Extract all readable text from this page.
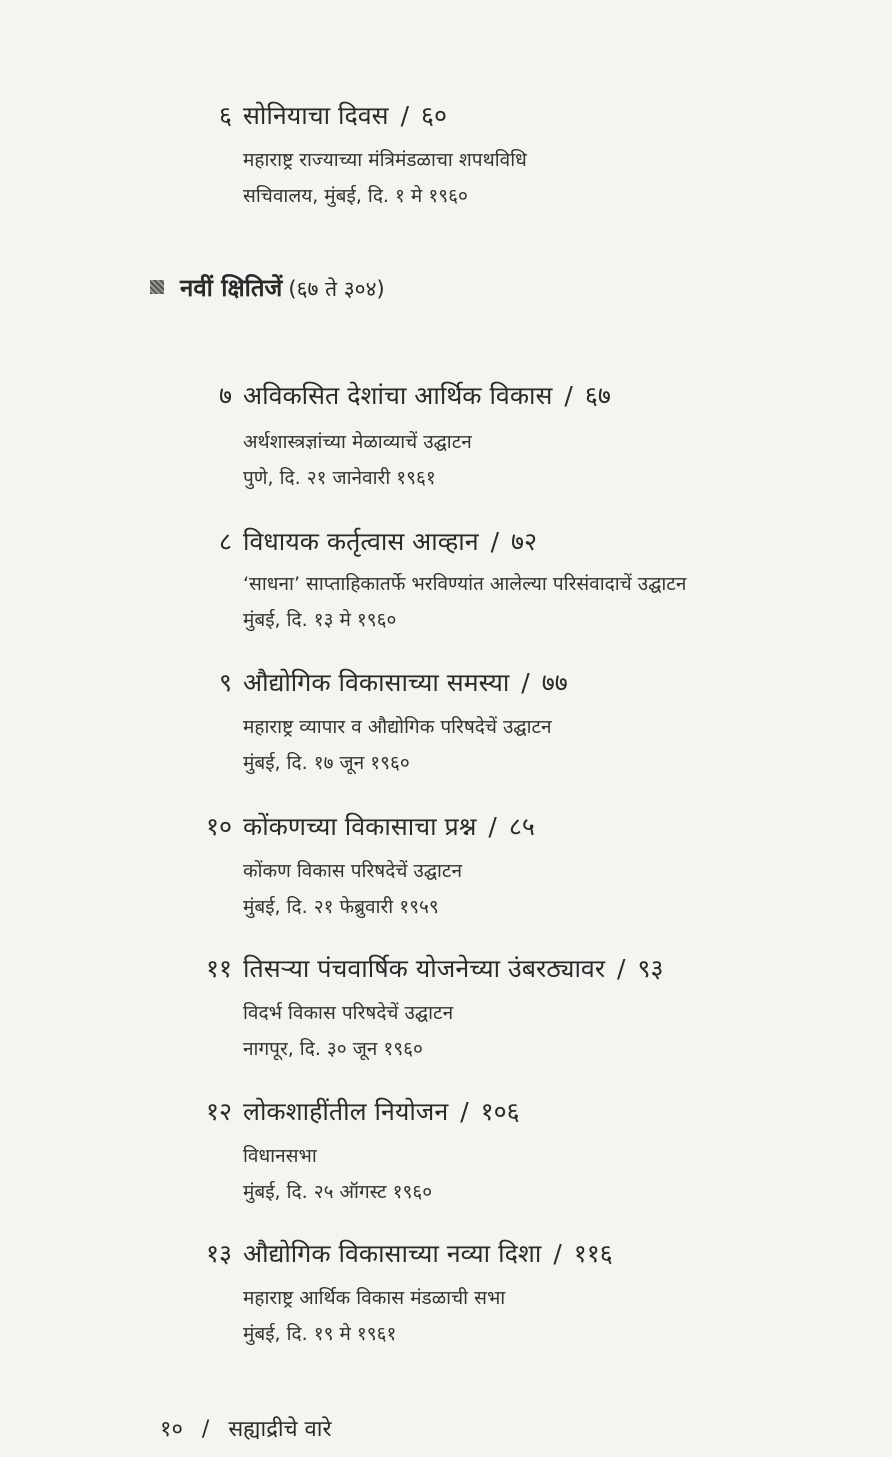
६ सोनियाचा दिवस / ६०
महाराष्ट्र राज्याच्या मंत्रिमंडळाचा शपथविधि
सचिवालय, मुंबई, दि. १ मे १९६०
नवीं क्षितिजें (६७ ते ३०४)
७ अविकसित देशांचा आर्थिक विकास / ६७
अर्थशास्त्रज्ञांच्या मेळाव्याचें उद्घाटन
पुणे, दि. २१ जानेवारी १९६१
८ विधायक कर्तृत्वास आव्हान / ७२
‘साधना’ साप्ताहिकातर्फे भरविण्यांत आलेल्या परिसंवादाचें उद्घाटन
मुंबई, दि. १३ मे १९६०
९ औद्योगिक विकासाच्या समस्या / ७७
महाराष्ट्र व्यापार व औद्योगिक परिषदेचें उद्घाटन
मुंबई, दि. १७ जून १९६०
१० कोंकणच्या विकासाचा प्रश्न / ८५
कोंकण विकास परिषदेचें उद्घाटन
मुंबई, दि. २१ फेब्रुवारी १९५९
११ तिसऱ्या पंचवार्षिक योजनेच्या उंबरठ्यावर / ९३
विदर्भ विकास परिषदेचें उद्घाटन
नागपूर, दि. ३० जून १९६०
१२ लोकशाहींतील नियोजन / १०६
विधानसभा
मुंबई, दि. २५ ऑगस्ट १९६०
१३ औद्योगिक विकासाच्या नव्या दिशा / ११६
महाराष्ट्र आर्थिक विकास मंडळाची सभा
मुंबई, दि. १९ मे १९६१
१० / सह्याद्रीचे वारे
